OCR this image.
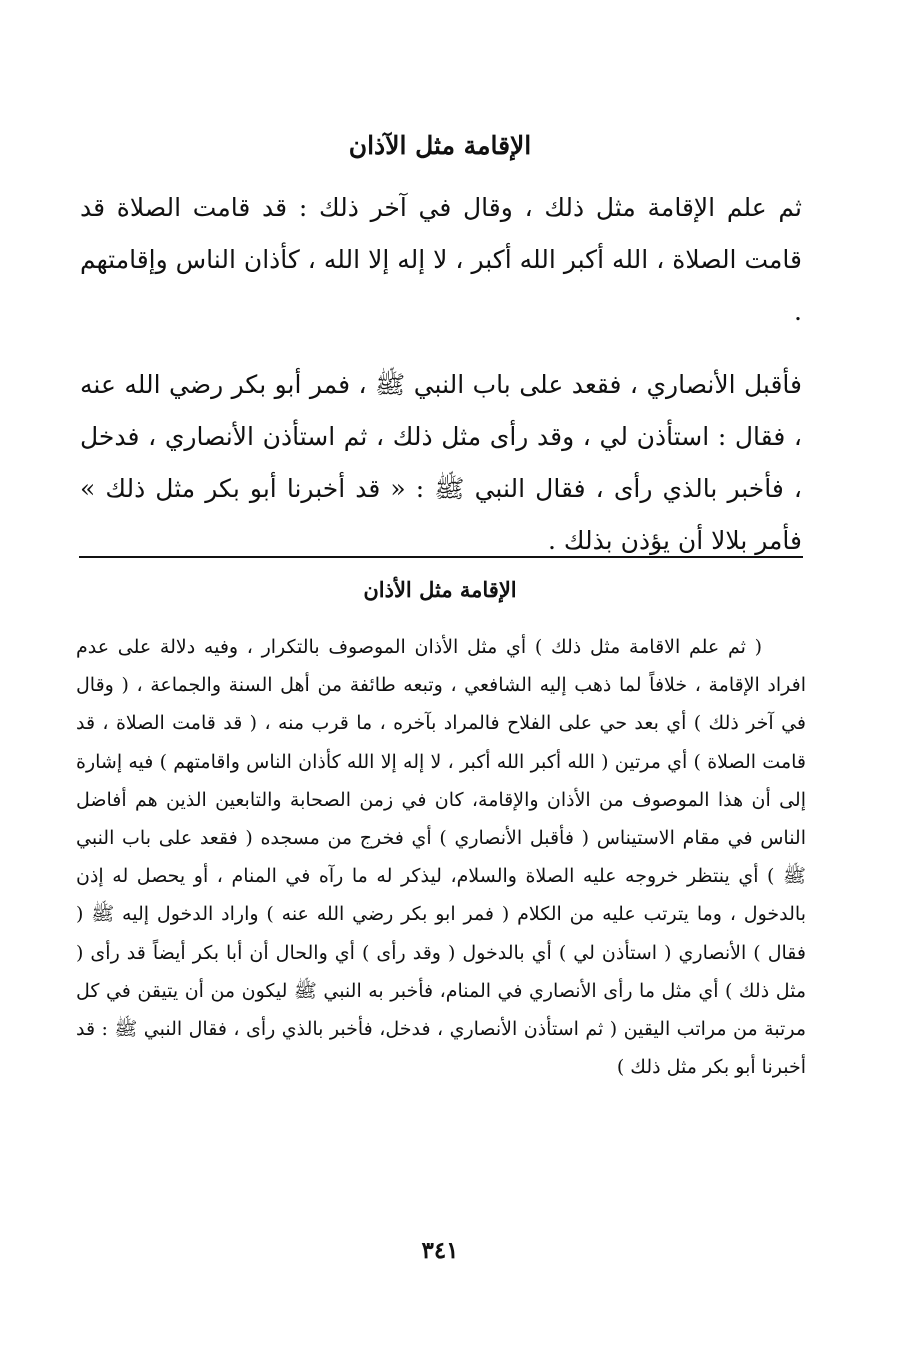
الإقامة مثل الآذان

ثم علم الإقامة مثل ذلك ، وقال في آخر ذلك : قد قامت الصلاة قد قامت الصلاة ، الله أكبر الله أكبر ، لا إله إلا الله ، كأذان الناس وإقامتهم .

فأقبل الأنصاري ، فقعد على باب النبي ﷺ ، فمر أبو بكر رضي الله عنه ، فقال : استأذن لي ، وقد رأى مثل ذلك ، ثم استأذن الأنصاري ، فدخل ، فأخبر بالذي رأى ، فقال النبي ﷺ : « قد أخبرنا أبو بكر مثل ذلك » فأمر بلالا أن يؤذن بذلك .

الإقامة مثل الأذان

( ثم علم الاقامة مثل ذلك ) أي مثل الأذان الموصوف بالتكرار ، وفيه دلالة على عدم افراد الإقامة ، خلافاً لما ذهب إليه الشافعي ، وتبعه طائفة من أهل السنة والجماعة ، ( وقال في آخر ذلك ) أي بعد حي على الفلاح فالمراد بآخره ، ما قرب منه ، ( قد قامت الصلاة ، قد قامت الصلاة ) أي مرتين ( الله أكبر الله أكبر ، لا إله إلا الله كأذان الناس واقامتهم ) فيه إشارة إلى أن هذا الموصوف من الأذان والإقامة، كان في زمن الصحابة والتابعين الذين هم أفاضل الناس في مقام الاستيناس ( فأقبل الأنصاري ) أي فخرج من مسجده ( فقعد على باب النبي ﷺ ) أي ينتظر خروجه عليه الصلاة والسلام، ليذكر له ما رآه في المنام ، أو يحصل له إذن بالدخول ، وما يترتب عليه من الكلام ( فمر ابو بكر رضي الله عنه ) واراد الدخول إليه ﷺ ( فقال ) الأنصاري ( استأذن لي ) أي بالدخول ( وقد رأى ) أي والحال أن أبا بكر أيضاً قد رأى ( مثل ذلك ) أي مثل ما رأى الأنصاري في المنام، فأخبر به النبي ﷺ ليكون من أن يتيقن في كل مرتبة من مراتب اليقين ( ثم استأذن الأنصاري ، فدخل، فأخبر بالذي رأى ، فقال النبي ﷺ : قد أخبرنا أبو بكر مثل ذلك )

٣٤١
